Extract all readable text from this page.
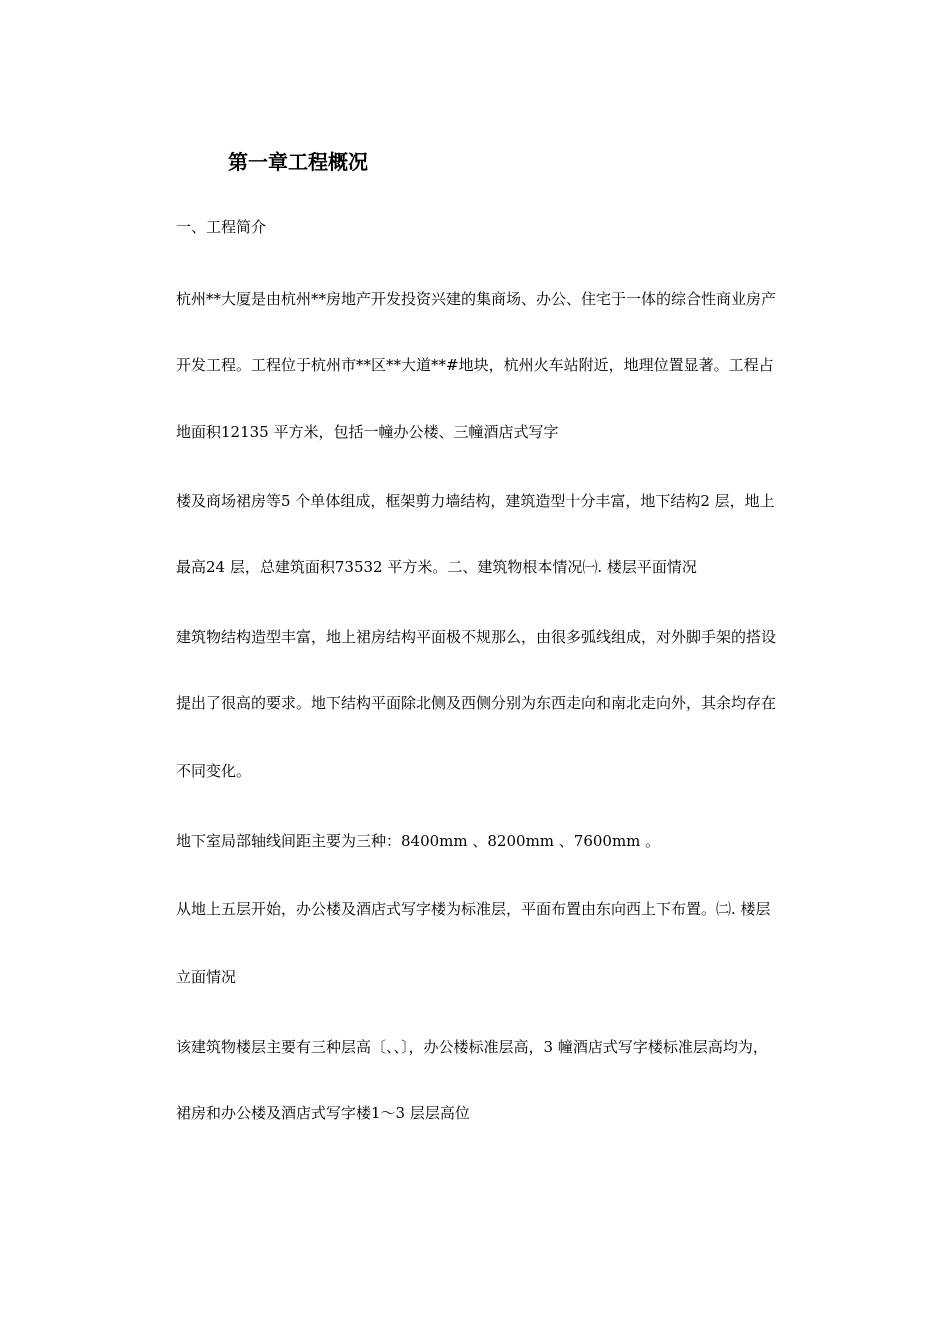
第一章工程概况
一、工程简介
杭州**大厦是由杭州**房地产开发投资兴建的集商场、办公、住宅于一体的综合性商业房产
开发工程。工程位于杭州市**区**大道**#地块，杭州火车站附近，地理位置显著。工程占
地面积12135 平方米，包括一幢办公楼、三幢酒店式写字
楼及商场裙房等5 个单体组成，框架剪力墙结构，建筑造型十分丰富，地下结构2 层，地上
最高24 层，总建筑面积73532 平方米。二、建筑物根本情况㈠. 楼层平面情况
建筑物结构造型丰富，地上裙房结构平面极不规那么，由很多弧线组成，对外脚手架的搭设
提出了很高的要求。地下结构平面除北侧及西侧分别为东西走向和南北走向外，其余均存在
不同变化。
地下室局部轴线间距主要为三种：8400mm 、8200mm 、7600mm 。
从地上五层开始，办公楼及酒店式写字楼为标准层，平面布置由东向西上下布置。㈡. 楼层
立面情况
该建筑物楼层主要有三种层高〔、、〕，办公楼标准层高，3 幢酒店式写字楼标准层高均为，
裙房和办公楼及酒店式写字楼1～3 层层高位
